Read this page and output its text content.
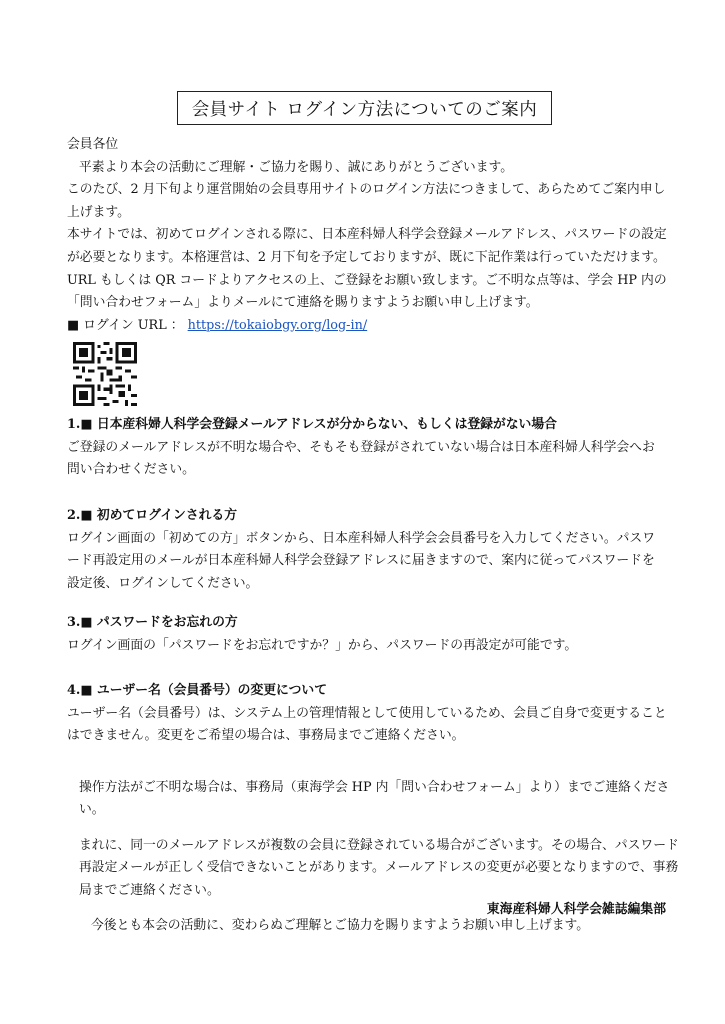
会員サイト ログイン方法についてのご案内

会員各位

平素より本会の活動にご理解・ご協力を賜り、誠にありがとうございます。

このたび、2 月下旬より運営開始の会員専用サイトのログイン方法につきまして、あらためてご案内申し上げます。

本サイトでは、初めてログインされる際に、日本産科婦人科学会登録メールアドレス、パスワードの設定が必要となります。本格運営は、2 月下旬を予定しておりますが、既に下記作業は行っていただけます。URL もしくは QR コードよりアクセスの上、ご登録をお願い致します。ご不明な点等は、学会 HP 内の「問い合わせフォーム」よりメールにて連絡を賜りますようお願い申し上げます。

■ ログイン URL ： https://tokaiobgy.org/log-in/

1.■ 日本産科婦人科学会登録メールアドレスが分からない、もしくは登録がない場合

ご登録のメールアドレスが不明な場合や、そもそも登録がされていない場合は日本産科婦人科学会へお問い合わせください。

2.■ 初めてログインされる方

ログイン画面の「初めての方」ボタンから、日本産科婦人科学会会員番号を入力してください。パスワード再設定用のメールが日本産科婦人科学会登録アドレスに届きますので、案内に従ってパスワードを設定後、ログインしてください。

3.■ パスワードをお忘れの方

ログイン画面の「パスワードをお忘れですか？」から、パスワードの再設定が可能です。

4.■ ユーザー名（会員番号）の変更について

ユーザー名（会員番号）は、システム上の管理情報として使用しているため、会員ご自身で変更することはできません。変更をご希望の場合は、事務局までご連絡ください。

操作方法がご不明な場合は、事務局（東海学会 HP 内「問い合わせフォーム」より）までご連絡ください。

まれに、同一のメールアドレスが複数の会員に登録されている場合がございます。その場合、パスワード再設定メールが正しく受信できないことがあります。メールアドレスの変更が必要となりますので、事務局までご連絡ください。

今後とも本会の活動に、変わらぬご理解とご協力を賜りますようお願い申し上げます。

東海産科婦人科学会雑誌編集部
